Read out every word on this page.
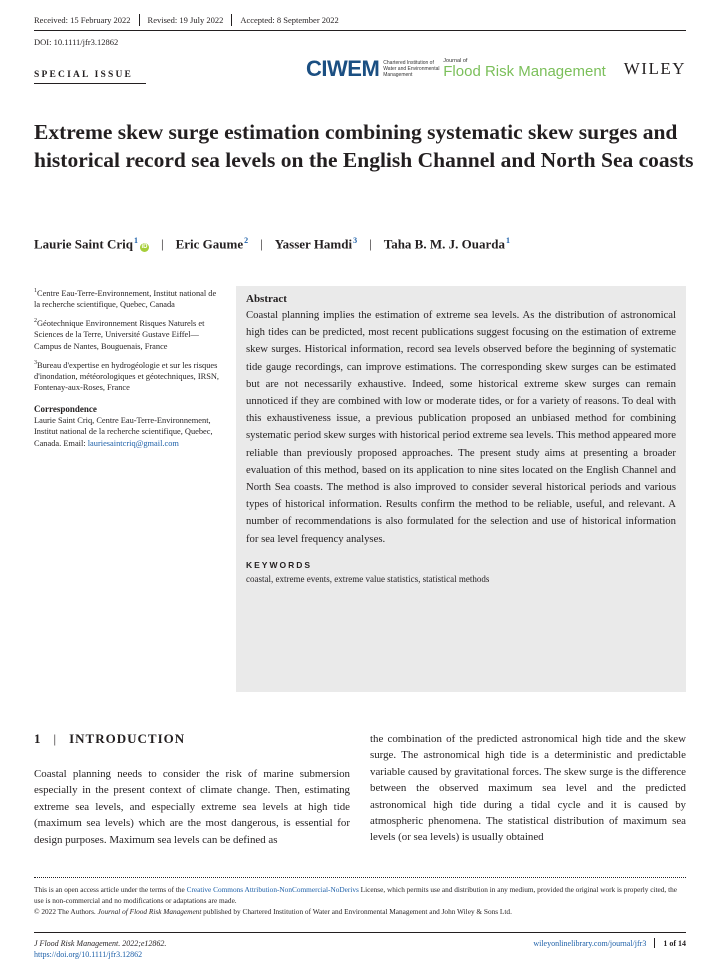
Received: 15 February 2022	Revised: 19 July 2022	Accepted: 8 September 2022
DOI: 10.1111/jfr3.12862
SPECIAL ISSUE	CIWEM Chartered Institution of Water and Environmental Management
Journal of
Flood Risk Management WILEY
Extreme skew surge estimation combining systematic skew surges and historical record sea levels on the English Channel and North Sea coasts
Laurie Saint Criq$^1$iD | Eric Gaume$^2$ | Yasser Hamdi$^3$ | Taha B. M. J. Ouarda$^1$

$^1$Centre Eau-Terre-Environnement, Institut national de la recherche scientifique, Quebec, Canada

$^2$Géotechnique Environnement Risques Naturels et Sciences de la Terre, Université Gustave Eiffel—Campus de Nantes, Bouguenais, France

$^3$Bureau d'expertise en hydrogéologie et sur les risques d'inondation, météorologiques et géotechniques, IRSN, Fontenay-aux-Roses, France

Correspondence
Laurie Saint Criq, Centre Eau-Terre-Environnement, Institut national de la recherche scientifique, Quebec, Canada. Email: lauriesaintcriq@gmail.com
Abstract
Coastal planning implies the estimation of extreme sea levels. As the distribution of astronomical high tides can be predicted, most recent publications suggest focusing on the estimation of extreme skew surges. Historical information, record sea levels observed before the beginning of systematic tide gauge recordings, can improve estimations. The corresponding skew surges can be estimated but are not necessarily exhaustive. Indeed, some historical extreme skew surges can remain unnoticed if they are combined with low or moderate tides, or for a variety of reasons. To deal with this exhaustiveness issue, a previous publication proposed an unbiased method for combining systematic period skew surges with historical period extreme sea levels. This method appeared more reliable than previously proposed approaches. The present study aims at presenting a broader evaluation of this method, based on its application to nine sites located on the English Channel and North Sea coasts. The method is also improved to consider several historical periods and various types of historical information. Results confirm the method to be reliable, useful, and relevant. A number of recommendations is also formulated for the selection and use of historical information for sea level frequency analyses.
KEYWORDS
coastal, extreme events, extreme value statistics, statistical methods
1 | INTRODUCTION
Coastal planning needs to consider the risk of marine submersion especially in the present context of climate change. Then, estimating extreme sea levels, and especially extreme sea levels at high tide (maximum sea levels) which are the most dangerous, is essential for design purposes. Maximum sea levels can be defined as
the combination of the predicted astronomical high tide and the skew surge. The astronomical high tide is a deterministic and predictable variable caused by gravitational forces. The skew surge is the difference between the observed maximum sea level and the predicted astronomical high tide during a tidal cycle and it is caused by atmospheric phenomena. The statistical distribution of maximum sea levels (or sea levels) is usually obtained
This is an open access article under the terms of the Creative Commons Attribution-NonCommercial-NoDerivs License, which permits use and distribution in any medium, provided the original work is properly cited, the use is non-commercial and no modifications or adaptations are made.
© 2022 The Authors. Journal of Flood Risk Management published by Chartered Institution of Water and Environmental Management and John Wiley & Sons Ltd.
J Flood Risk Management. 2022;e12862.
https://doi.org/10.1111/jfr3.12862
wileyonlinelibrary.com/journal/jfr3 1 of 14
